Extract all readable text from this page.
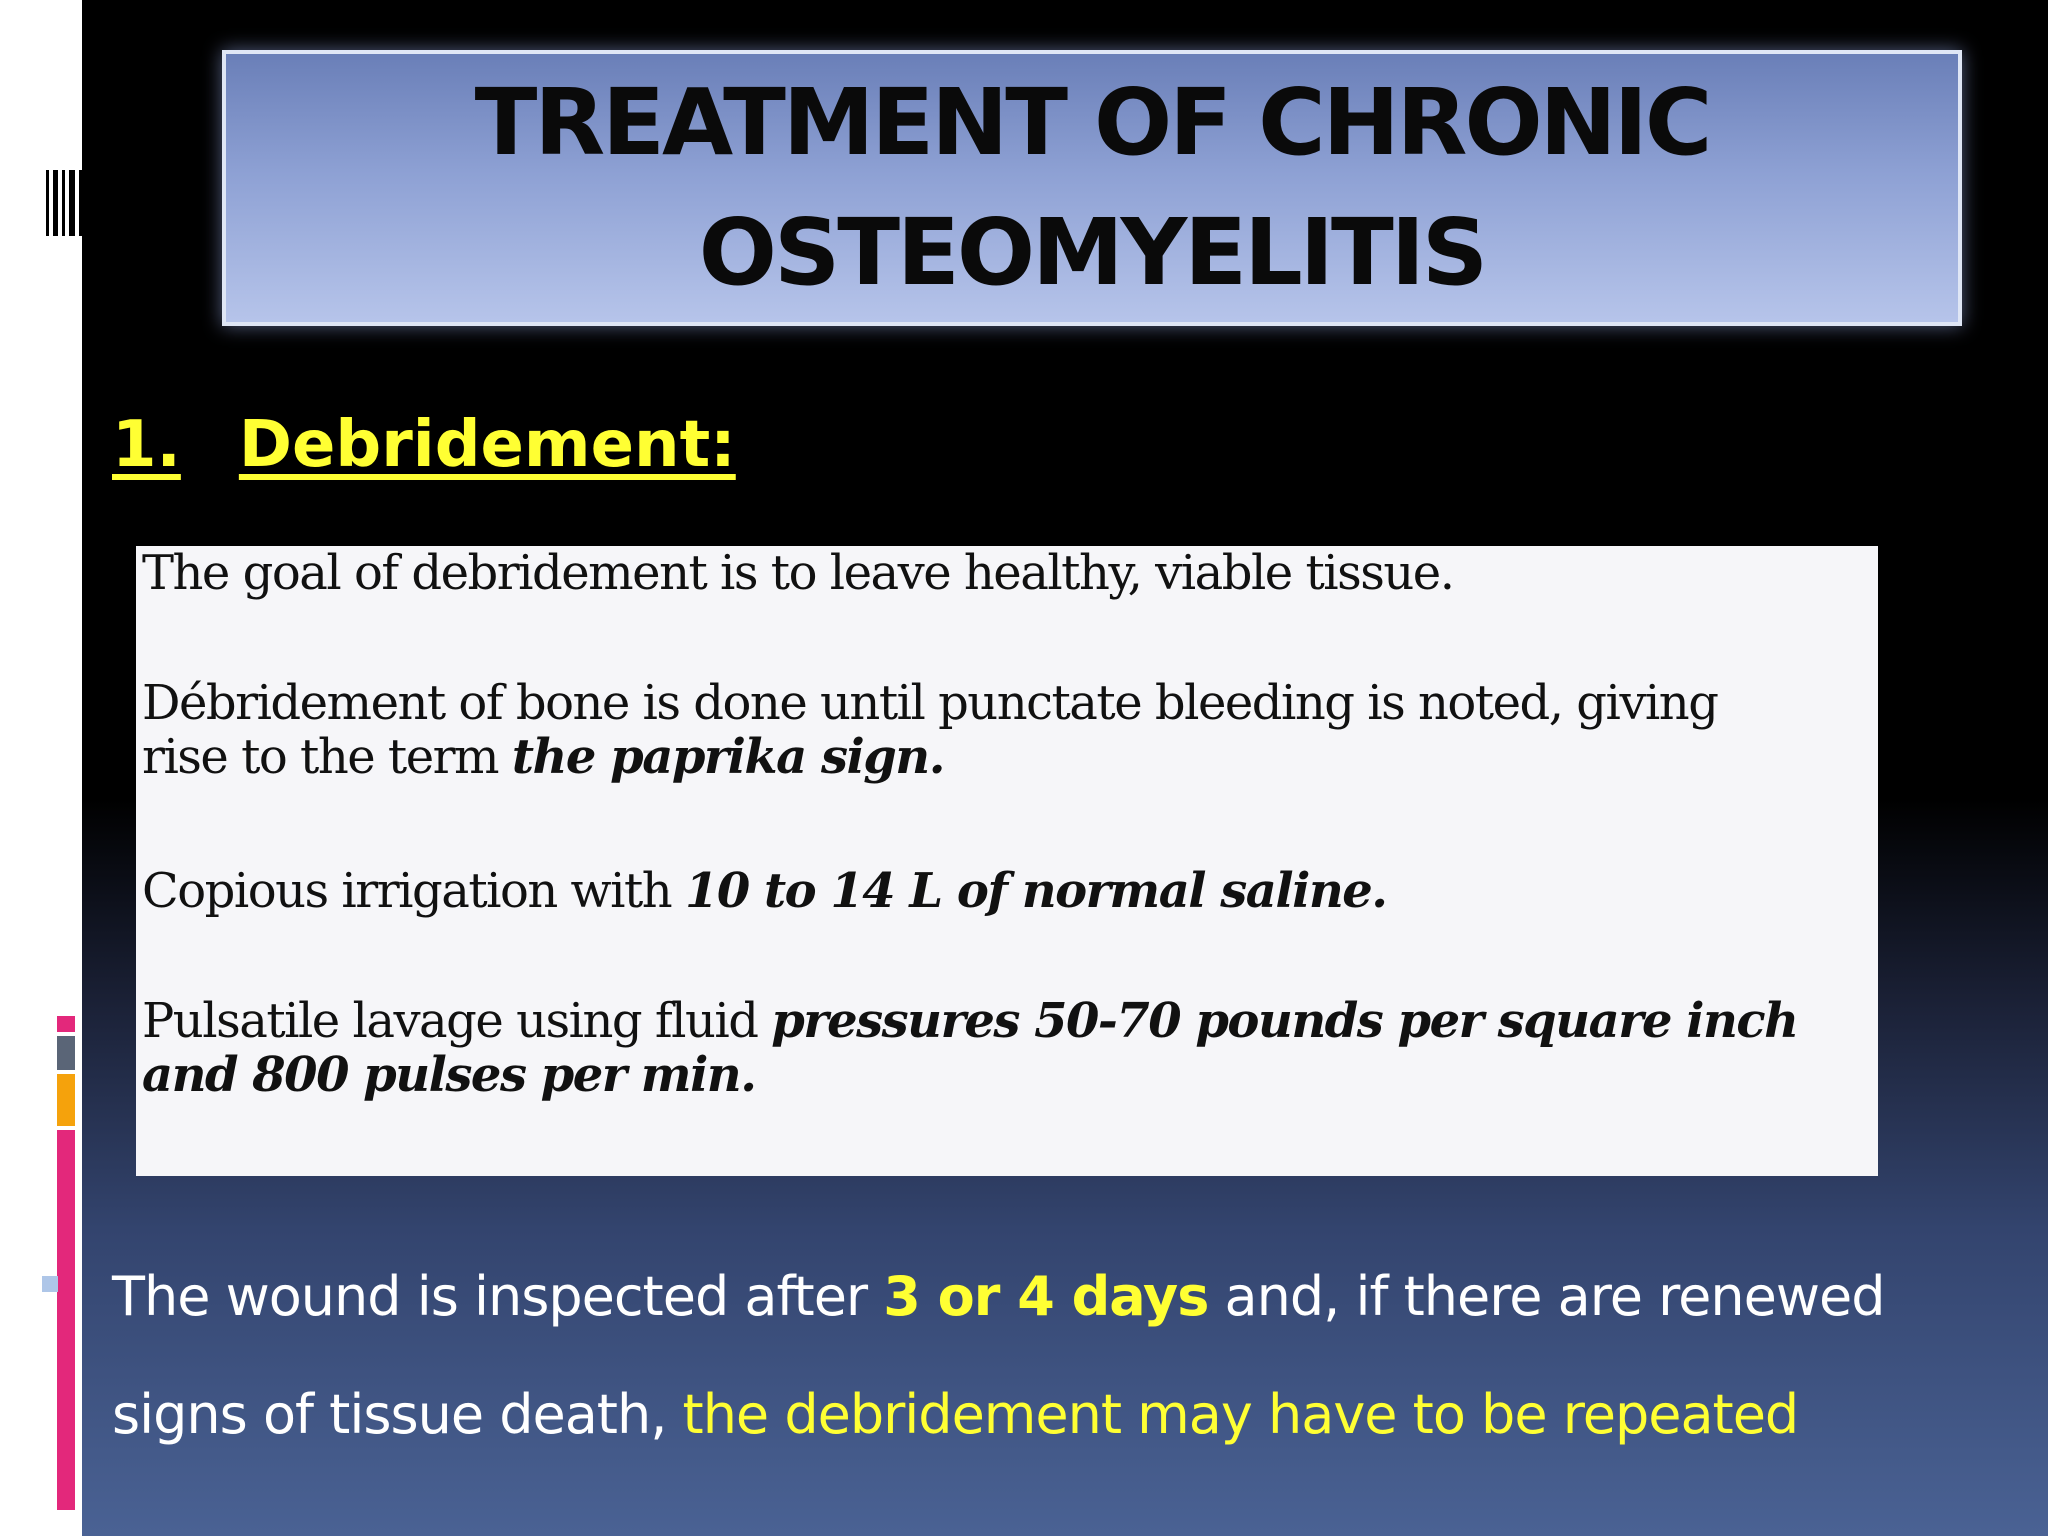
TREATMENT OF CHRONIC
OSTEOMYELITIS
1. Debridement:
The goal of debridement is to leave healthy, viable tissue.
Débridement of bone is done until punctate bleeding is noted, giving
rise to the term the paprika sign.
Copious irrigation with 10 to 14 L of normal saline.
Pulsatile lavage using fluid pressures 50-70 pounds per square inch
and 800 pulses per min.
The wound is inspected after 3 or 4 days and, if there are renewed signs of tissue death, the debridement may have to be repeated
